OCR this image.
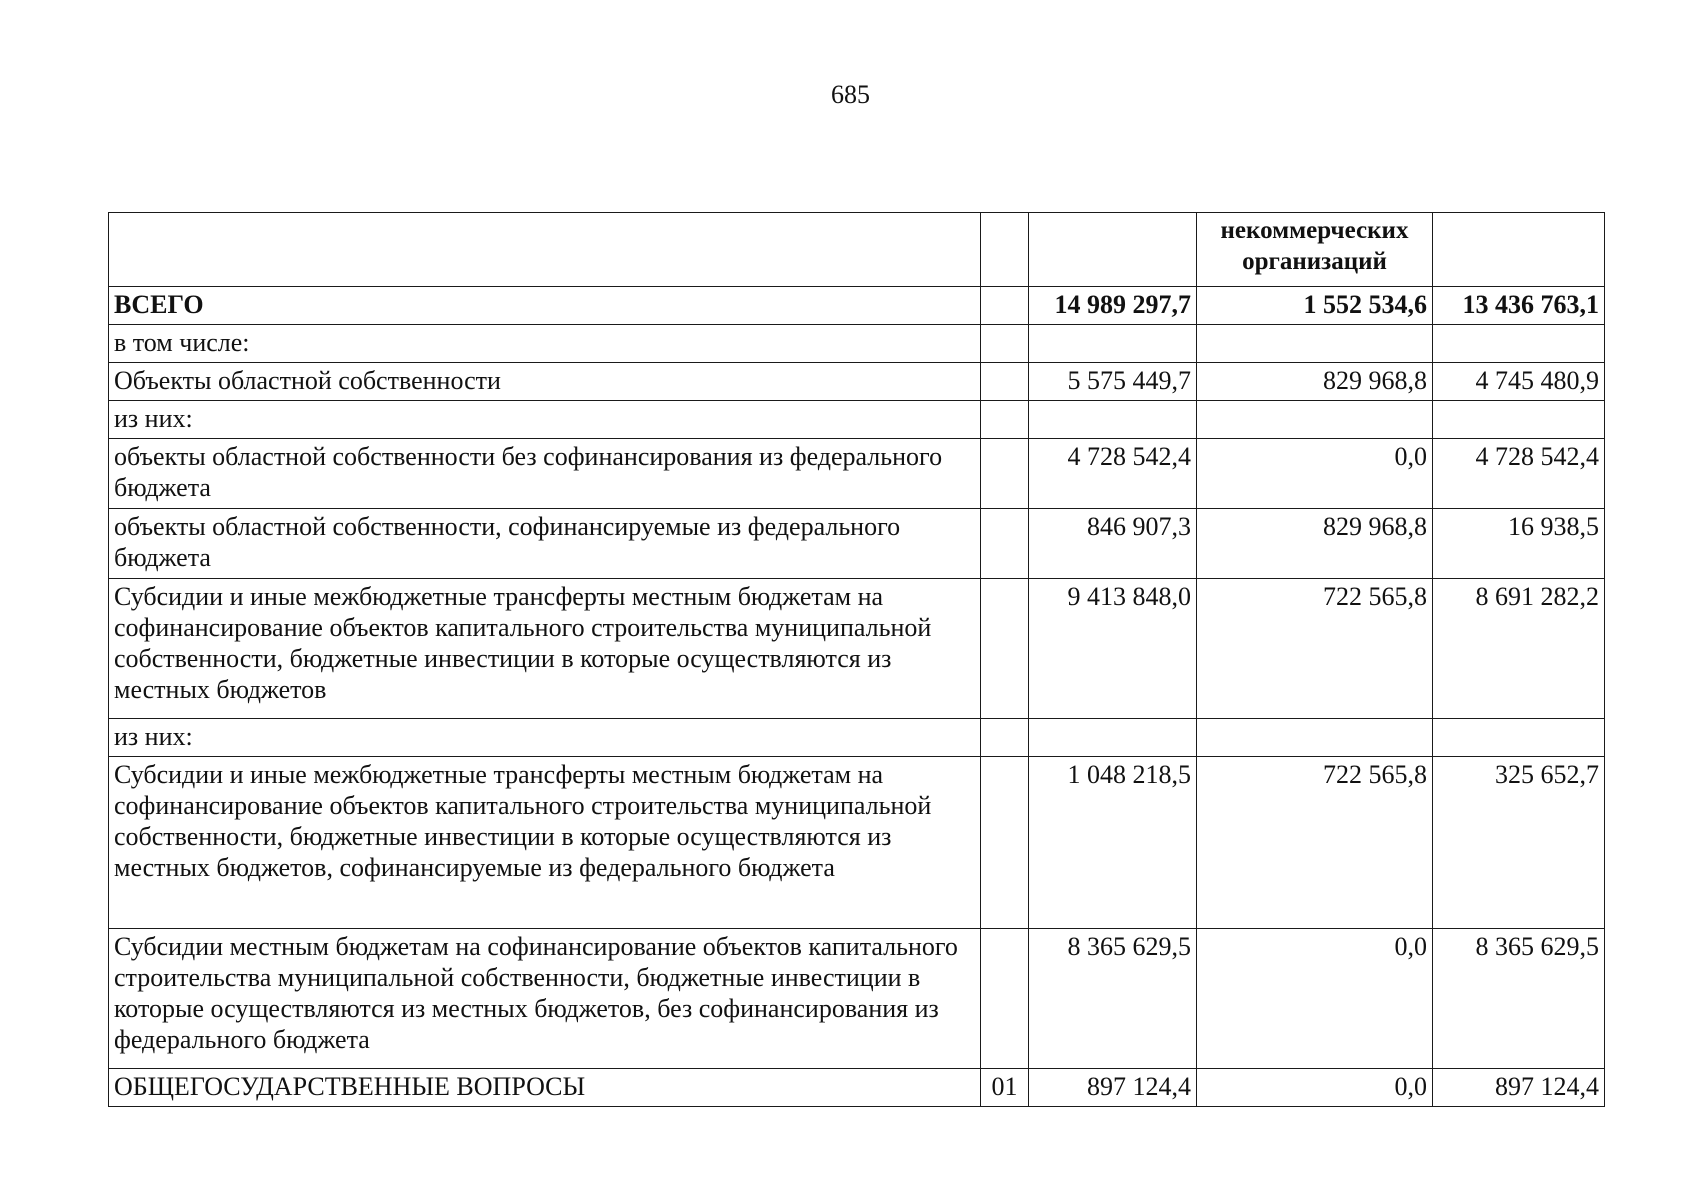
685
			некоммерческих организаций	
ВСЕГО		14 989 297,7	1 552 534,6	13 436 763,1
в том числе:				
Объекты областной собственности		5 575 449,7	829 968,8	4 745 480,9
из них:				
объекты областной собственности без софинансирования из федерального бюджета		4 728 542,4	0,0	4 728 542,4
объекты областной собственности, софинансируемые из федерального бюджета		846 907,3	829 968,8	16 938,5
Субсидии и иные межбюджетные трансферты местным бюджетам на софинансирование объектов капитального строительства муниципальной собственности, бюджетные инвестиции в которые осуществляются из местных бюджетов		9 413 848,0	722 565,8	8 691 282,2
из них:				
Субсидии и иные межбюджетные трансферты местным бюджетам на софинансирование объектов капитального строительства муниципальной собственности, бюджетные инвестиции в которые осуществляются из местных бюджетов, софинансируемые из федерального бюджета		1 048 218,5	722 565,8	325 652,7
Субсидии местным бюджетам на софинансирование объектов капитального строительства муниципальной собственности, бюджетные инвестиции в которые осуществляются из местных бюджетов, без софинансирования из федерального бюджета		8 365 629,5	0,0	8 365 629,5
ОБЩЕГОСУДАРСТВЕННЫЕ ВОПРОСЫ	01	897 124,4	0,0	897 124,4
